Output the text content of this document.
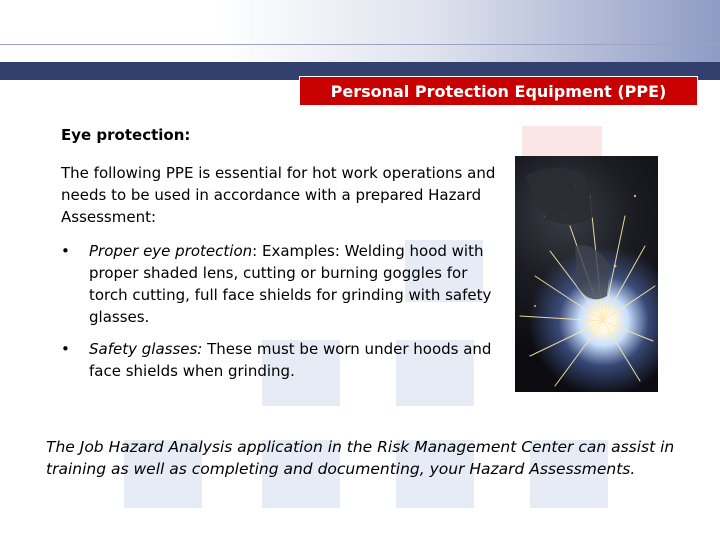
Personal Protection Equipment (PPE)
Eye protection:
The following PPE is essential for hot work operations and needs to be used in accordance with a prepared Hazard Assessment:
•	Proper eye protection: Examples: Welding hood with proper shaded lens, cutting or burning goggles for torch cutting, full face shields for grinding with safety glasses.
•	Safety glasses: These must be worn under hoods and face shields when grinding.
The Job Hazard Analysis application in the Risk Management Center can assist in training as well as completing and documenting, your Hazard Assessments.
